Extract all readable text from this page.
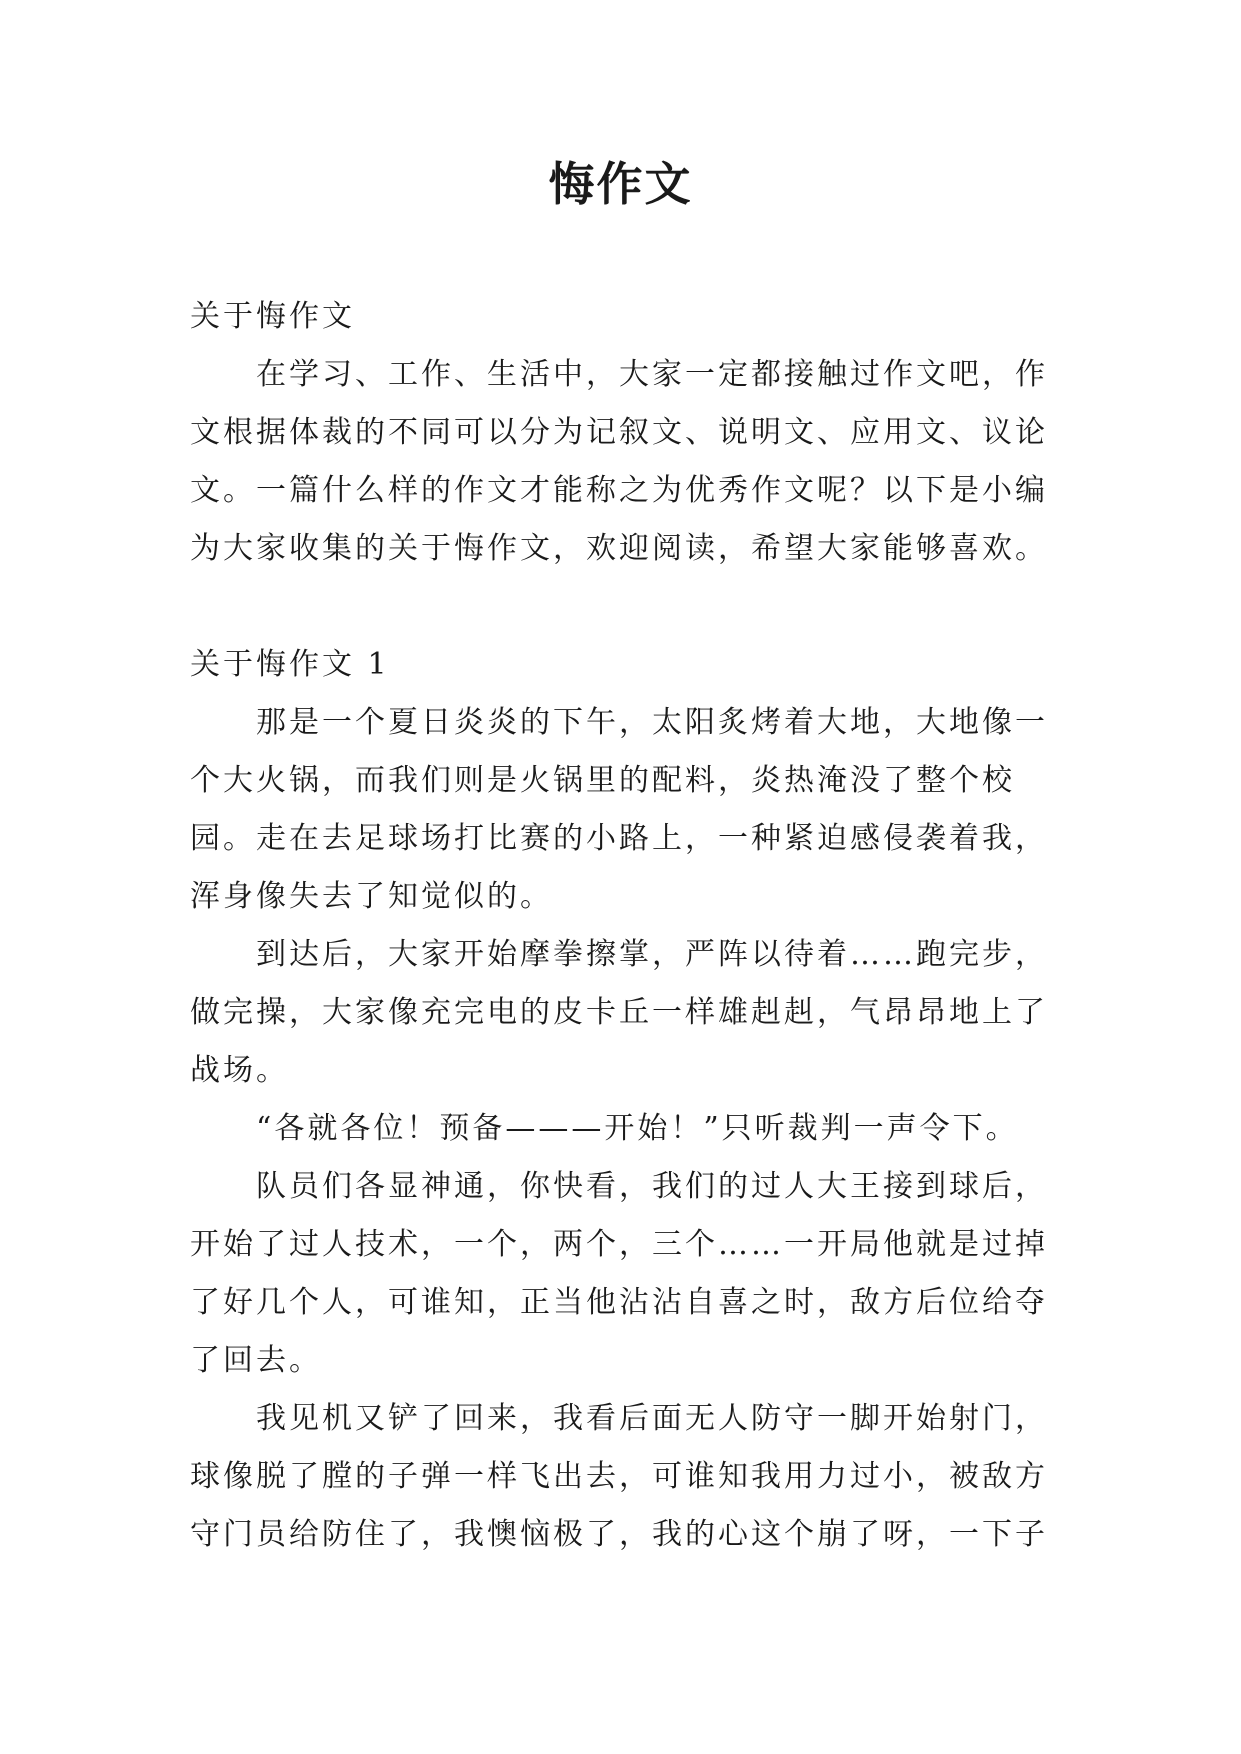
悔作文

关于悔作文

在学习、工作、生活中，大家一定都接触过作文吧，作文根据体裁的不同可以分为记叙文、说明文、应用文、议论文。一篇什么样的作文才能称之为优秀作文呢？以下是小编为大家收集的关于悔作文，欢迎阅读，希望大家能够喜欢。

关于悔作文 1

那是一个夏日炎炎的下午，太阳炙烤着大地，大地像一个大火锅，而我们则是火锅里的配料，炎热淹没了整个校园。走在去足球场打比赛的小路上，一种紧迫感侵袭着我，浑身像失去了知觉似的。

到达后，大家开始摩拳擦掌，严阵以待着……跑完步，做完操，大家像充完电的皮卡丘一样雄赳赳，气昂昂地上了战场。

“各就各位！预备———开始！”只听裁判一声令下。

队员们各显神通，你快看，我们的过人大王接到球后，开始了过人技术，一个，两个，三个……一开局他就是过掉了好几个人，可谁知，正当他沾沾自喜之时，敌方后位给夺了回去。

我见机又铲了回来，我看后面无人防守一脚开始射门，球像脱了膛的子弹一样飞出去，可谁知我用力过小，被敌方守门员给防住了，我懊恼极了，我的心这个崩了呀，一下子
